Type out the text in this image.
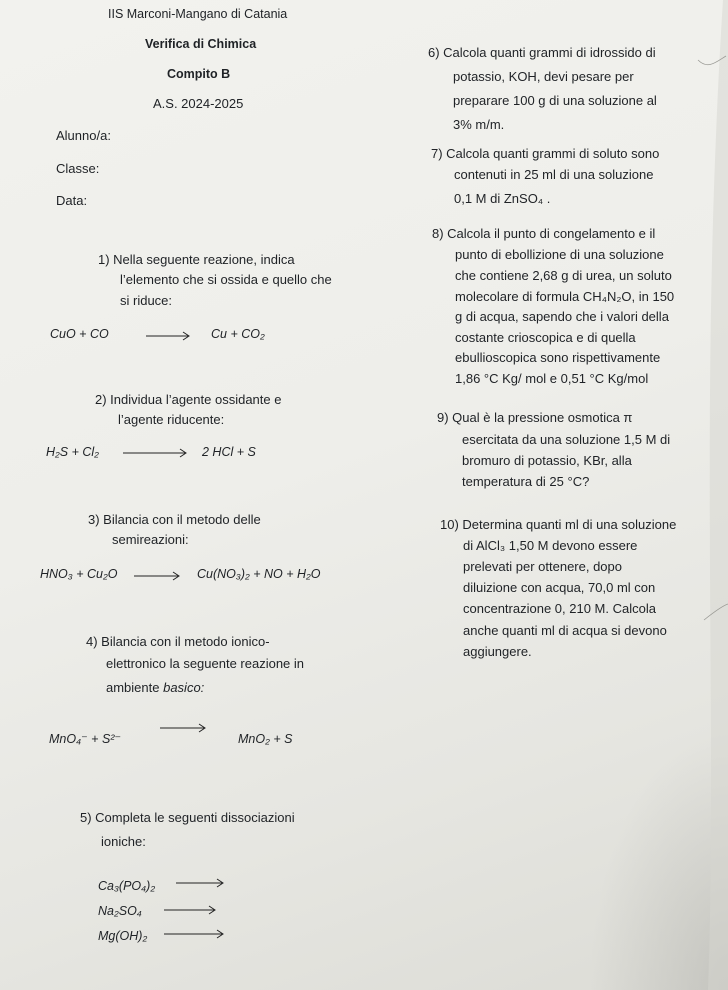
IIS Marconi-Mangano di Catania
Verifica di Chimica
Compito B
A.S. 2024-2025
Alunno/a:
Classe:
Data:
1) Nella seguente reazione, indica
l’elemento che si ossida e quello che
si riduce:
CuO + CO	Cu + CO₂
2) Individua l’agente ossidante e
l’agente riducente:
H₂S + Cl₂	2 HCl + S
3) Bilancia con il metodo delle
semireazioni:
HNO₃ + Cu₂O	Cu(NO₃)₂ + NO + H₂O
4) Bilancia con il metodo ionico-
elettronico la seguente reazione in
ambiente basico:
MnO₄⁻ + S²⁻	MnO₂ + S
5) Completa le seguenti dissociazioni
ioniche:
Ca₃(PO₄)₂
Na₂SO₄
Mg(OH)₂
6) Calcola quanti grammi di idrossido di
potassio, KOH, devi pesare per
preparare 100 g di una soluzione al
3% m/m.
7) Calcola quanti grammi di soluto sono
contenuti in 25 ml di una soluzione
0,1 M di ZnSO₄ .
8) Calcola il punto di congelamento e il
punto di ebollizione di una soluzione
che contiene 2,68 g di urea, un soluto
molecolare di formula CH₄N₂O, in 150
g di acqua, sapendo che i valori della
costante crioscopica e di quella
ebullioscopica sono rispettivamente
1,86 °C Kg/ mol e 0,51 °C Kg/mol
9) Qual è la pressione osmotica π
esercitata da una soluzione 1,5 M di
bromuro di potassio, KBr, alla
temperatura di 25 °C?
10) Determina quanti ml di una soluzione
di AlCl₃ 1,50 M devono essere
prelevati per ottenere, dopo
diluizione con acqua, 70,0 ml con
concentrazione 0, 210 M. Calcola
anche quanti ml di acqua si devono
aggiungere.
